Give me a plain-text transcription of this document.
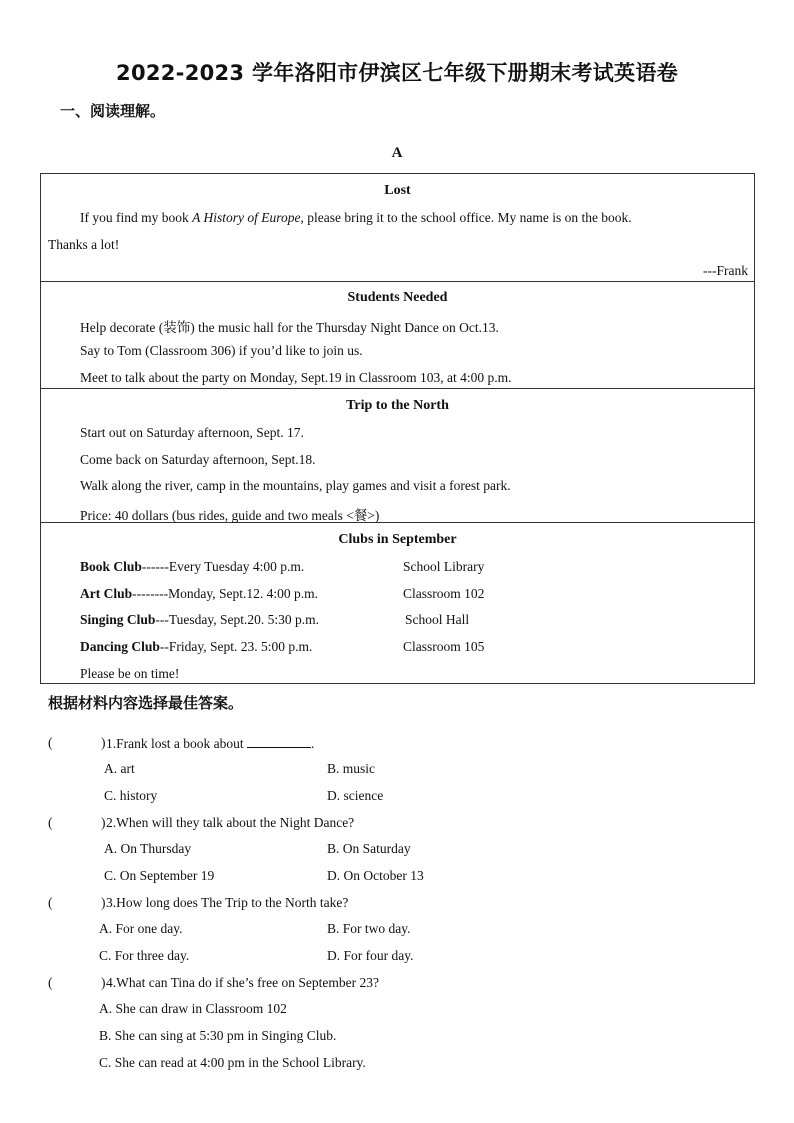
2022-2023 学年洛阳市伊滨区七年级下册期末考试英语卷
一、阅读理解。
A
Lost
If you find my book A History of Europe, please bring it to the school office. My name is on the book.
Thanks a lot!
---Frank
Students Needed
Help decorate (装饰) the music hall for the Thursday Night Dance on Oct.13.
Say to Tom (Classroom 306) if you’d like to join us.
Meet to talk about the party on Monday, Sept.19 in Classroom 103, at 4:00 p.m.
Trip to the North
Start out on Saturday afternoon, Sept. 17.
Come back on Saturday afternoon, Sept.18.
Walk along the river, camp in the mountains, play games and visit a forest park.
Price: 40 dollars (bus rides, guide and two meals <餐>)
Clubs in September
Book Club------Every Tuesday 4:00 p.m.	School Library
Art Club--------Monday, Sept.12. 4:00 p.m.	Classroom 102
Singing Club---Tuesday, Sept.20. 5:30 p.m.	School Hall
Dancing Club--Friday, Sept. 23. 5:00 p.m.	Classroom 105
Please be on time!
根据材料内容选择最佳答案。
(	) 1.Frank lost a book about	.
A. art	B. music
C. history	D. science
(	) 2.When will they talk about the Night Dance?
A. On Thursday	B. On Saturday
C. On September 19	D. On October 13
(	) 3.How long does The Trip to the North take?
A. For one day.	B. For two day.
C. For three day.	D. For four day.
(	) 4.What can Tina do if she’s free on September 23?
A. She can draw in Classroom 102
B. She can sing at 5:30 pm in Singing Club.
C. She can read at 4:00 pm in the School Library.
